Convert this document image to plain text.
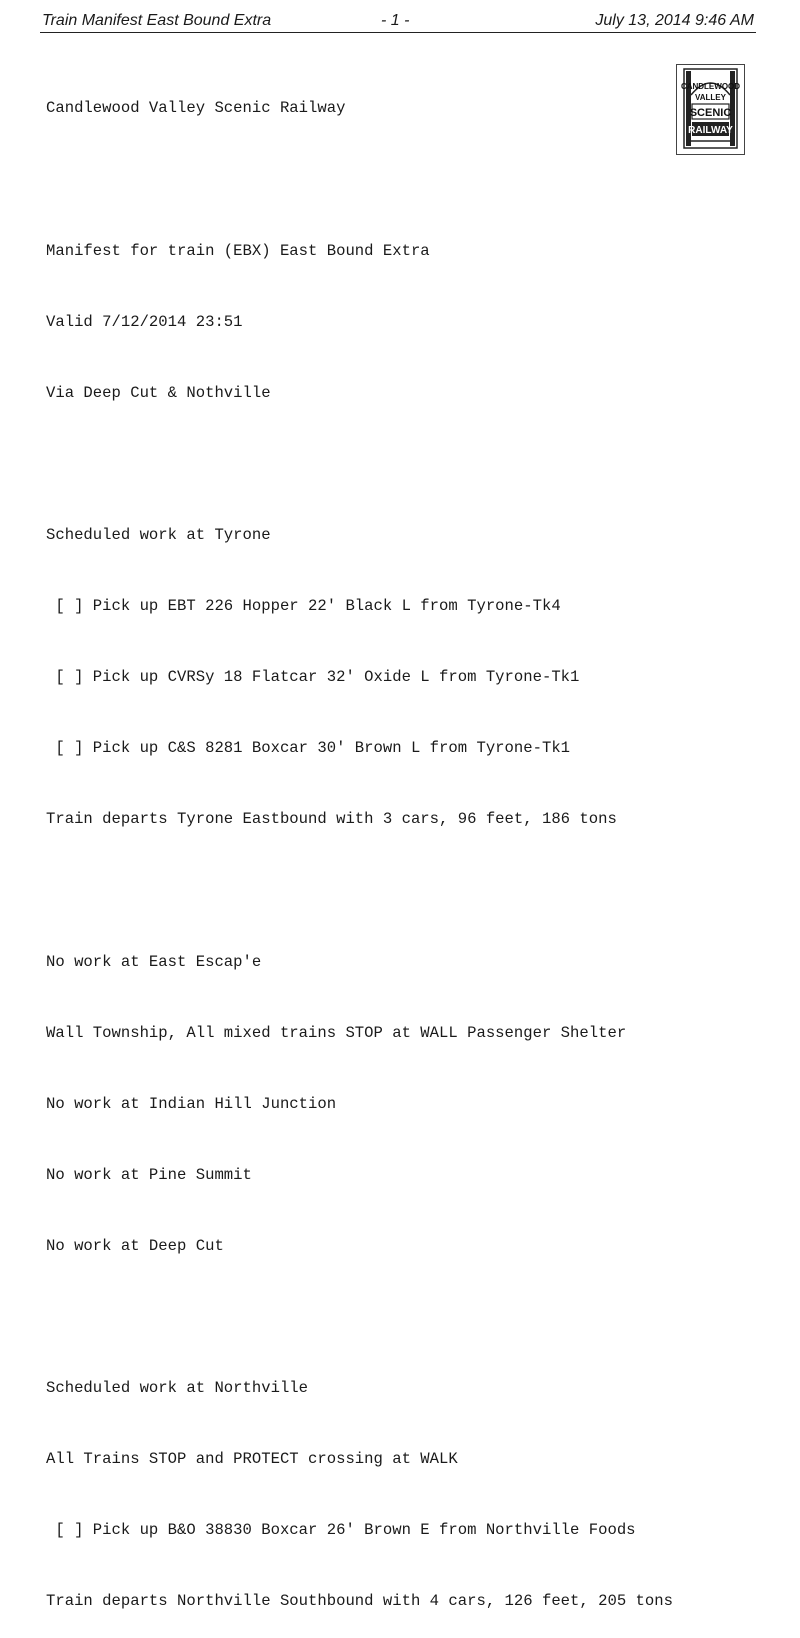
Train Manifest East Bound Extra	- 1 -	July 13, 2014 9:46 AM

Candlewood Valley Scenic Railway

Manifest for train (EBX) East Bound Extra

Valid 7/12/2014 23:51

Via Deep Cut & Nothville

Scheduled work at Tyrone

[ ] Pick up EBT 226 Hopper 22' Black L from Tyrone-Tk4

[ ] Pick up CVRSy 18 Flatcar 32' Oxide L from Tyrone-Tk1

[ ] Pick up C&S 8281 Boxcar 30' Brown L from Tyrone-Tk1

Train departs Tyrone Eastbound with 3 cars, 96 feet, 186 tons

No work at East Escap'e

Wall Township, All mixed trains STOP at WALL Passenger Shelter

No work at Indian Hill Junction

No work at Pine Summit

No work at Deep Cut

Scheduled work at Northville

All Trains STOP and PROTECT crossing at WALK

[ ] Pick up B&O 38830 Boxcar 26' Brown E from Northville Foods

Train departs Northville Southbound with 4 cars, 126 feet, 205 tons

CANDLEWOOD
VALLEY
SCENIC
RAILWAY
